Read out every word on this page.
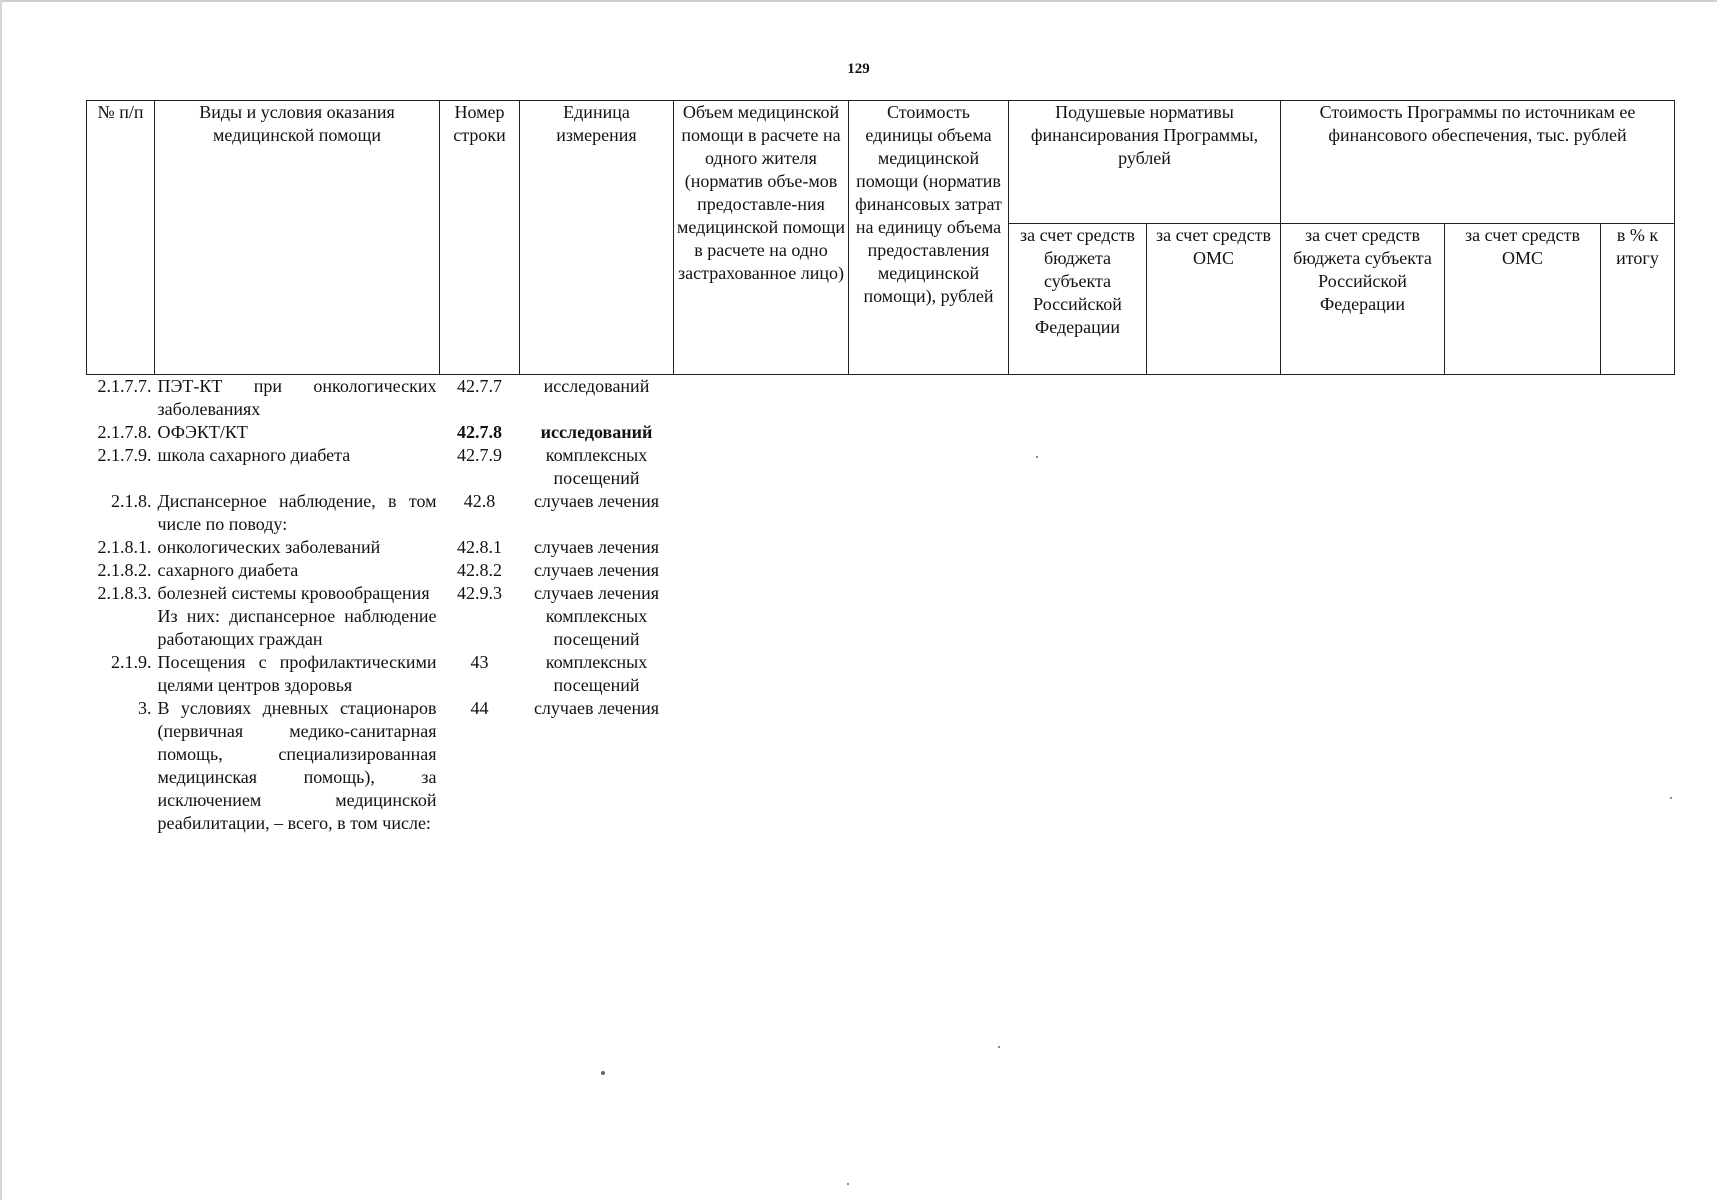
129
№ п/п	Виды и условия оказания медицинской помощи	Номер строки	Единица измерения	Объем медицинской помощи в расчете на одного жителя (норматив объе-мов предоставле-ния медицинской помощи в расчете на одно застрахованное лицо)	Стоимость единицы объема медицинской помощи (норматив финансовых затрат на единицу объема предоставления медицинской помощи), рублей	Подушевые нормативы финансирования Программы, рублей		Стоимость Программы по источникам ее финансового обеспечения, тыс. рублей		
						за счет средств бюджета субъекта Российской Федерации	за счет средств ОМС	за счет средств бюджета субъекта Российской Федерации	за счет средств ОМС	в % к итогу
2.1.7.7.	ПЭТ-КТ при онкологических заболеваниях	42.7.7	исследований							
2.1.7.8.	ОФЭКТ/КТ	42.7.8	исследований							
2.1.7.9.	школа сахарного диабета	42.7.9	комплексных посещений							
2.1.8.	Диспансерное наблюдение, в том числе по поводу:	42.8	случаев лечения							
2.1.8.1.	онкологических заболеваний	42.8.1	случаев лечения							
2.1.8.2.	сахарного диабета	42.8.2	случаев лечения							
2.1.8.3.	болезней системы кровообращения	42.9.3	случаев лечения							
	Из них: диспансерное наблюдение работающих граждан		комплексных посещений							
2.1.9.	Посещения с профилактическими целями центров здоровья	43	комплексных посещений							
3.	В условиях дневных стационаров (первичная медико-санитарная помощь, специализированная медицинская помощь), за исключением медицинской реабилитации, – всего, в том числе:	44	случаев лечения							
